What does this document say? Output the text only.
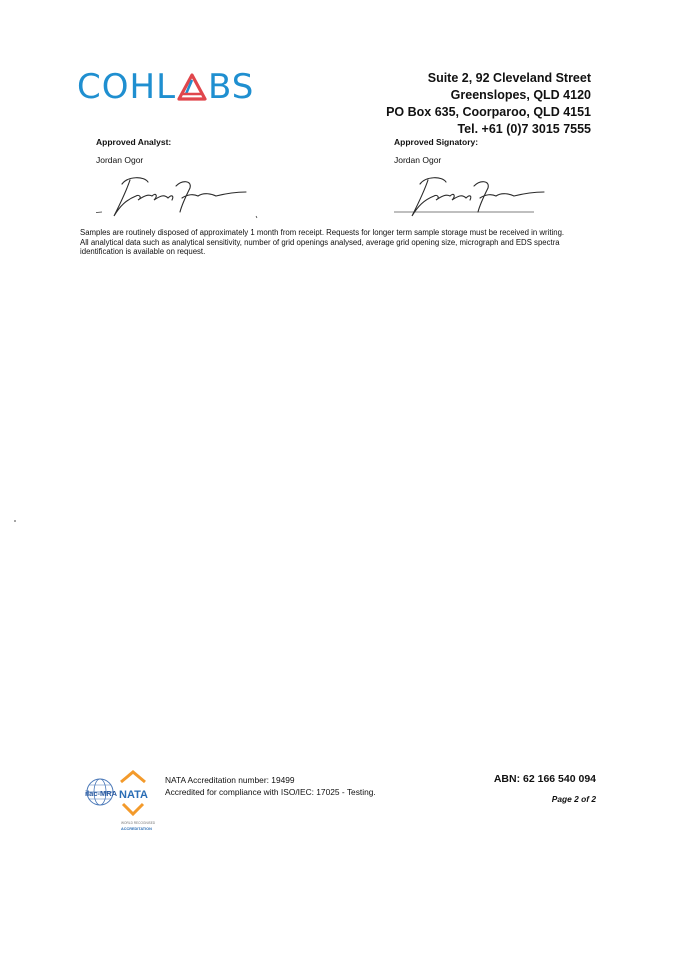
COHL BS	Suite 2, 92 Cleveland Street
Greenslopes, QLD 4120
PO Box 635, Coorparoo, QLD 4151
Tel. +61 (0)7 3015 7555
Approved Analyst:
Jordan Ogor
Approved Signatory:
Jordan Ogor

Samples are routinely disposed of approximately 1 month from receipt. Requests for longer term sample storage must be received in writing.

All analytical data such as analytical sensitivity, number of grid openings analysed, average grid opening size, micrograph and EDS spectra identification is available on request.

ilac-MRA NATA
WORLD RECOGNISED
ACCREDITATION
NATA Accreditation number: 19499
Accredited for compliance with ISO/IEC: 17025 - Testing.
ABN: 62 166 540 094
Page 2 of 2
